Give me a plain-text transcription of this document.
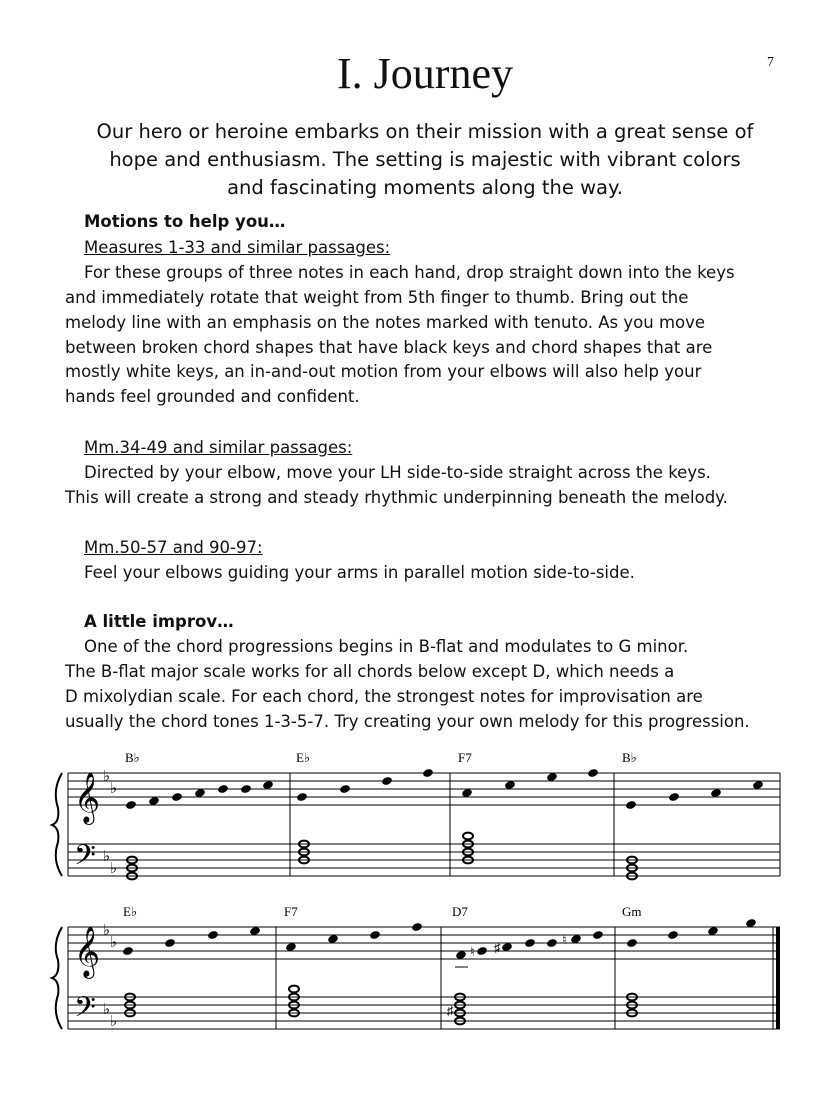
7
I. Journey

Our hero or heroine embarks on their mission with a great sense of hope and enthusiasm. The setting is majestic with vibrant colors and fascinating moments along the way.

Motions to help you…
Measures 1-33 and similar passages:
For these groups of three notes in each hand, drop straight down into the keys
and immediately rotate that weight from 5th finger to thumb. Bring out the
melody line with an emphasis on the notes marked with tenuto. As you move
between broken chord shapes that have black keys and chord shapes that are
mostly white keys, an in-and-out motion from your elbows will also help your
hands feel grounded and confident.
Mm.34-49 and similar passages:
Directed by your elbow, move your LH side-to-side straight across the keys.
This will create a strong and steady rhythmic underpinning beneath the melody.
Mm.50-57 and 90-97:
Feel your elbows guiding your arms in parallel motion side-to-side.
A little improv…
One of the chord progressions begins in B-flat and modulates to G minor.
The B-flat major scale works for all chords below except D, which needs a
D mixolydian scale. For each chord, the strongest notes for improvisation are
usually the chord tones 1-3-5-7. Try creating your own melody for this progression.
𝄞
𝄢
𝄞
𝄢
♭
♭
♭
♭
♭
♭
♭
♭
B♭	E♭	F7	B♭
E♭	F7	D7	Gm
♮ ♯
♮
♯
